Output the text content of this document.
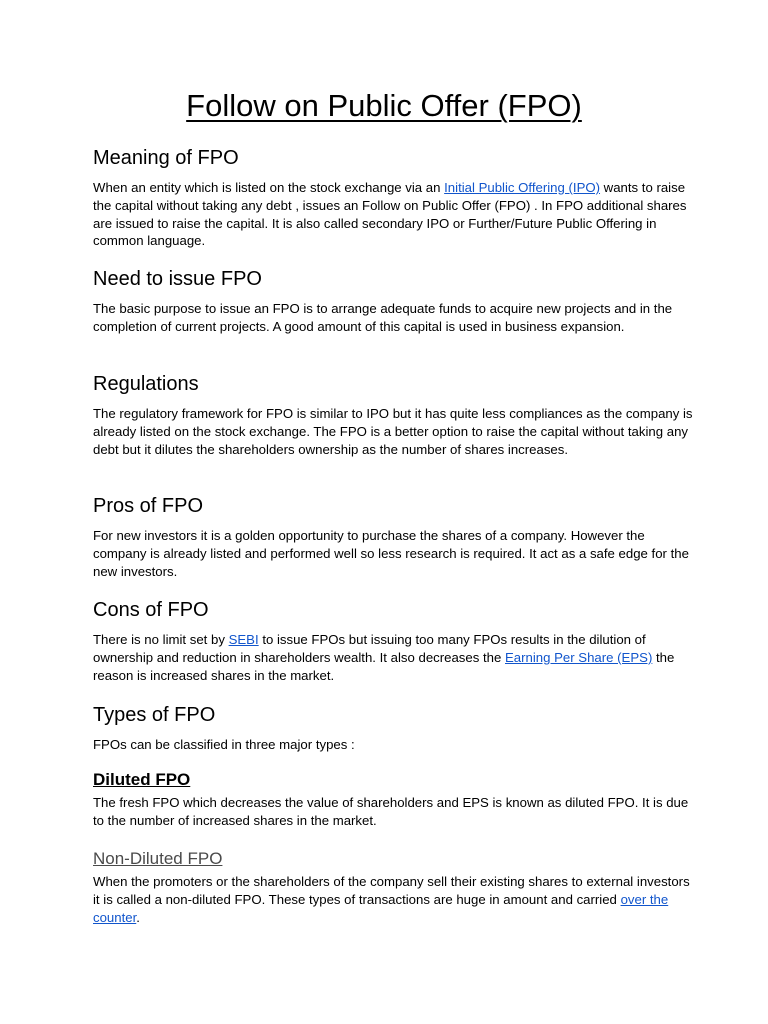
Follow on Public Offer (FPO)
Meaning of FPO

When an entity which is listed on the stock exchange via an Initial Public Offering (IPO) wants to raise the capital without taking any debt , issues an Follow on Public Offer (FPO) . In FPO additional shares are issued to raise the capital. It is also called secondary IPO or Further/Future Public Offering in common language.

Need to issue FPO

The basic purpose to issue an FPO is to arrange adequate funds to acquire new projects and in the completion of current projects. A good amount of this capital is used in business expansion.

Regulations

The regulatory framework for FPO is similar to IPO but it has quite less compliances as the company is already listed on the stock exchange. The FPO is a better option to raise the capital without taking any debt but it dilutes the shareholders ownership as the number of shares increases.

Pros of FPO

For new investors it is a golden opportunity to purchase the shares of a company. However the company is already listed and performed well so less research is required. It act as a safe edge for the new investors.

Cons of FPO

There is no limit set by SEBI to issue FPOs but issuing too many FPOs results in the dilution of ownership and reduction in shareholders wealth. It also decreases the Earning Per Share (EPS) the reason is increased shares in the market.

Types of FPO

FPOs can be classified in three major types :

Diluted FPO

The fresh FPO which decreases the value of shareholders and EPS is known as diluted FPO. It is due to the number of increased shares in the market.

Non-Diluted FPO

When the promoters or the shareholders of the company sell their existing shares to external investors it is called a non-diluted FPO. These types of transactions are huge in amount and carried over the counter.
